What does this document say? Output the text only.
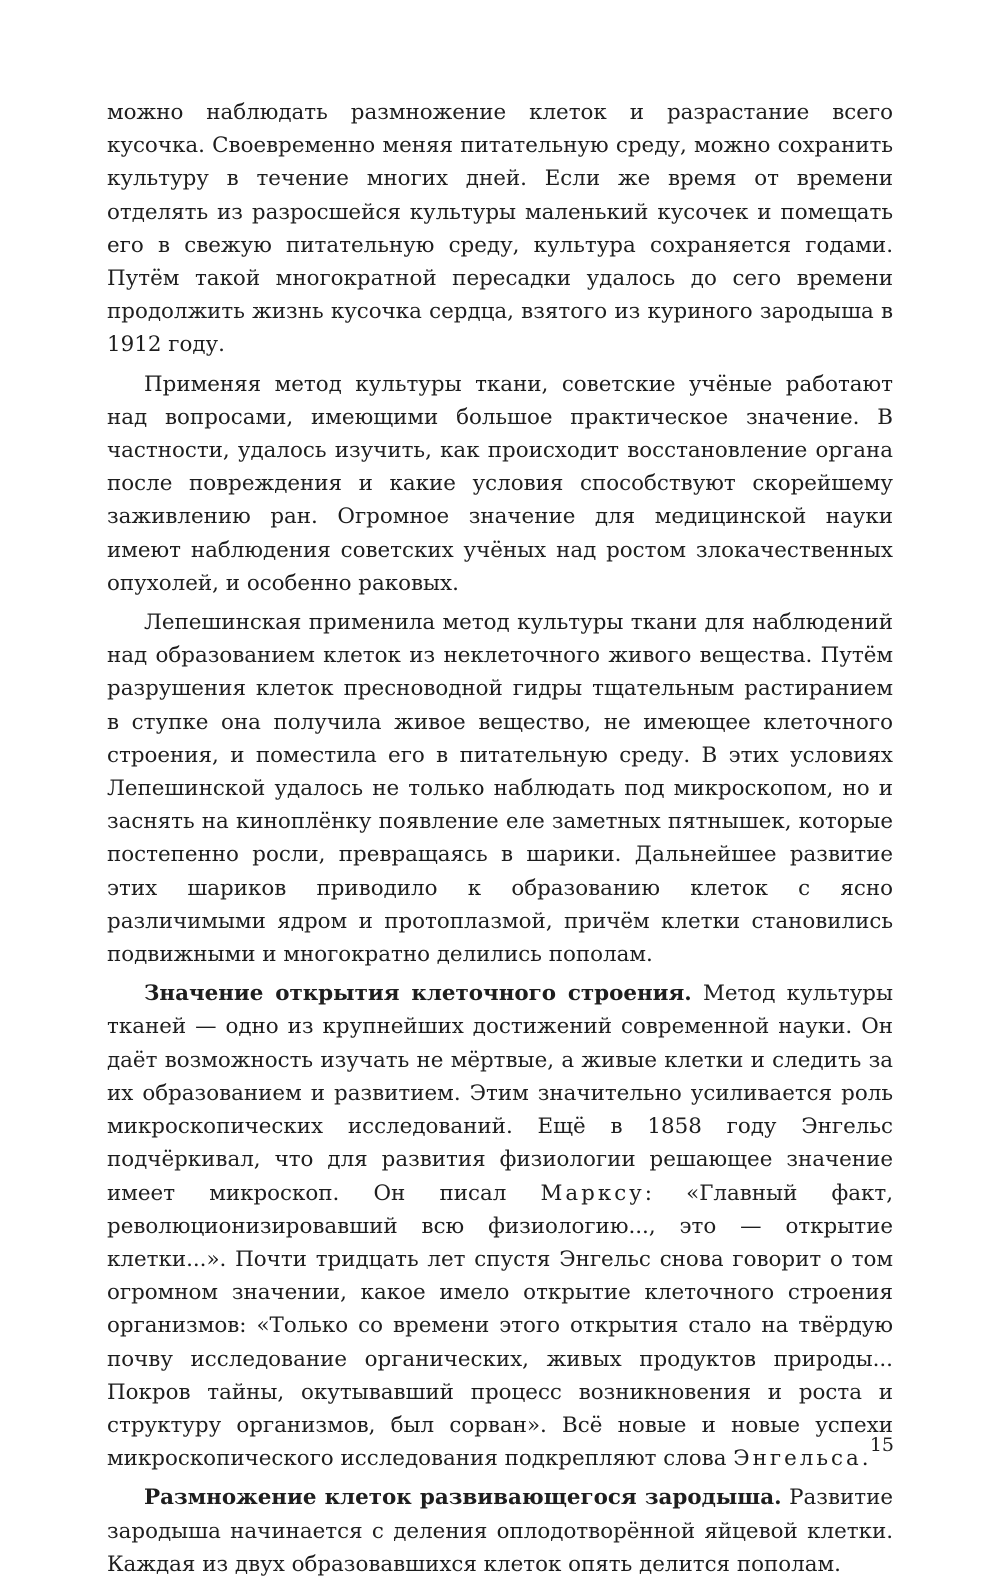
можно наблюдать размножение клеток и разрастание всего кусочка. Своевременно меняя питательную среду, можно сохранить культуру в течение многих дней. Если же время от времени отделять из разросшейся культуры маленький кусочек и помещать его в свежую питательную среду, культура сохраняется годами. Путём такой многократной пересадки удалось до сего времени продолжить жизнь кусочка сердца, взятого из куриного зародыша в 1912 году.

Применяя метод культуры ткани, советские учёные работают над вопросами, имеющими большое практическое значение. В частности, удалось изучить, как происходит восстановление органа после повреждения и какие условия способствуют скорейшему заживлению ран. Огромное значение для медицинской науки имеют наблюдения советских учёных над ростом злокачественных опухолей, и особенно раковых.

Лепешинская применила метод культуры ткани для наблюдений над образованием клеток из неклеточного живого вещества. Путём разрушения клеток пресноводной гидры тщательным растиранием в ступке она получила живое вещество, не имеющее клеточного строения, и поместила его в питательную среду. В этих условиях Лепешинской удалось не только наблюдать под микроскопом, но и заснять на киноплёнку появление еле заметных пятнышек, которые постепенно росли, превращаясь в шарики. Дальнейшее развитие этих шариков приводило к образованию клеток с ясно различимыми ядром и протоплазмой, причём клетки становились подвижными и многократно делились пополам.

Значение открытия клеточного строения. Метод культуры тканей — одно из крупнейших достижений современной науки. Он даёт возможность изучать не мёртвые, а живые клетки и следить за их образованием и развитием. Этим значительно усиливается роль микроскопических исследований. Ещё в 1858 году Энгельс подчёркивал, что для развития физиологии решающее значение имеет микроскоп. Он писал Марксу: «Главный факт, революционизировавший всю физиологию..., это — открытие клетки...». Почти тридцать лет спустя Энгельс снова говорит о том огромном значении, какое имело открытие клеточного строения организмов: «Только со времени этого открытия стало на твёрдую почву исследование органических, живых продуктов природы... Покров тайны, окутывавший процесс возникновения и роста и структуру организмов, был сорван». Всё новые и новые успехи микроскопического исследования подкрепляют слова Энгельса.

Размножение клеток развивающегося зародыша. Развитие зародыша начинается с деления оплодотворённой яйцевой клетки. Каждая из двух образовавшихся клеток опять делится пополам.

15
